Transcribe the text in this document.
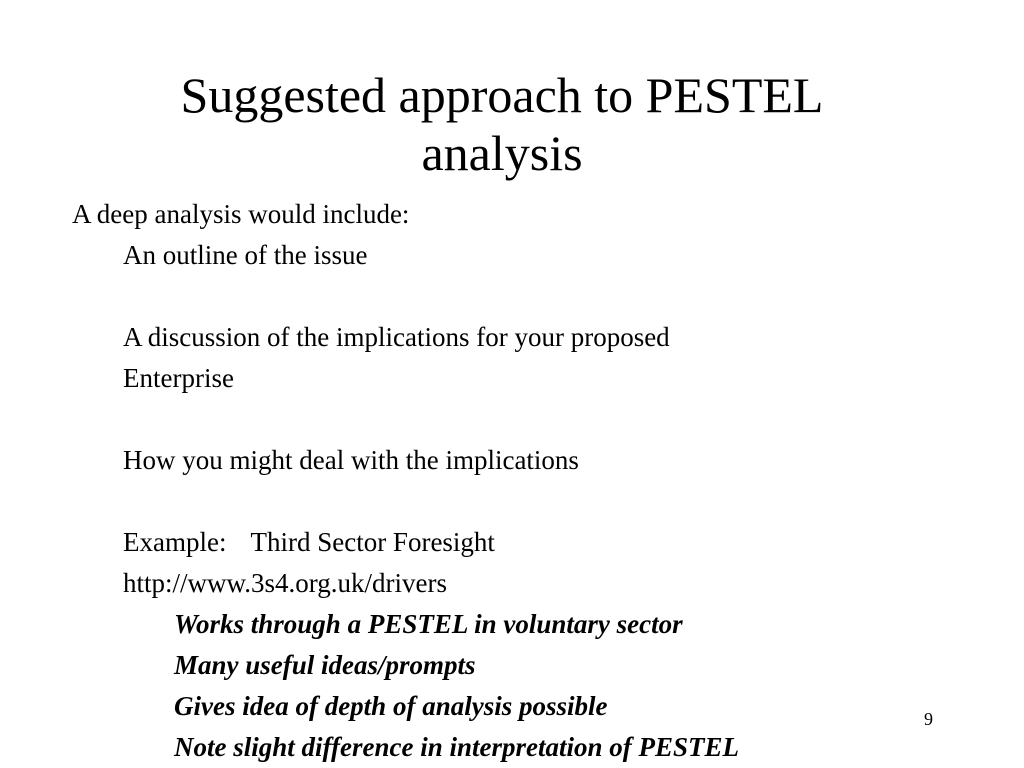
Suggested approach to PESTEL
analysis
A deep analysis would include:
An outline of the issue
A discussion of the implications for your proposed
Enterprise
How you might deal with the implications
Example: Third Sector Foresight
http://www.3s4.org.uk/drivers
Works through a PESTEL in voluntary sector
Many useful ideas/prompts
Gives idea of depth of analysis possible
Note slight difference in interpretation of PESTEL
9
